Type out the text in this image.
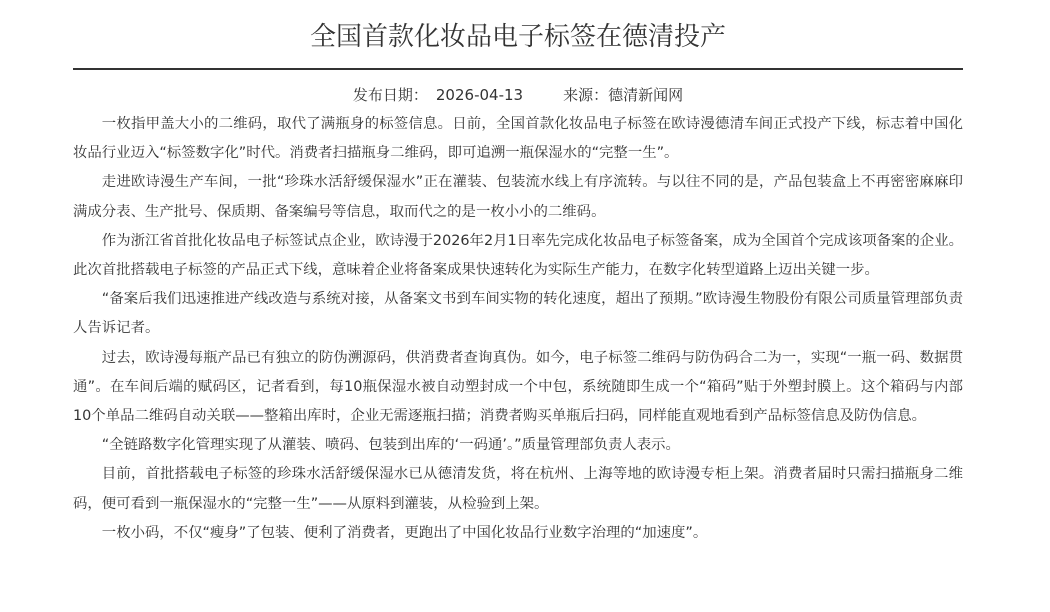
全国首款化妆品电子标签在德清投产
发布日期： 2026-04-13	来源：德清新闻网

一枚指甲盖大小的二维码，取代了满瓶身的标签信息。日前，全国首款化妆品电子标签在欧诗漫德清车间正式投产下线，标志着中国化妆品行业迈入“标签数字化”时代。消费者扫描瓶身二维码，即可追溯一瓶保湿水的“完整一生”。

走进欧诗漫生产车间，一批“珍珠水活舒缓保湿水”正在灌装、包装流水线上有序流转。与以往不同的是，产品包装盒上不再密密麻麻印满成分表、生产批号、保质期、备案编号等信息，取而代之的是一枚小小的二维码。

作为浙江省首批化妆品电子标签试点企业，欧诗漫于2026年2月1日率先完成化妆品电子标签备案，成为全国首个完成该项备案的企业。此次首批搭载电子标签的产品正式下线，意味着企业将备案成果快速转化为实际生产能力，在数字化转型道路上迈出关键一步。

“备案后我们迅速推进产线改造与系统对接，从备案文书到车间实物的转化速度，超出了预期。”欧诗漫生物股份有限公司质量管理部负责人告诉记者。

过去，欧诗漫每瓶产品已有独立的防伪溯源码，供消费者查询真伪。如今，电子标签二维码与防伪码合二为一，实现“一瓶一码、数据贯通”。在车间后端的赋码区，记者看到，每10瓶保湿水被自动塑封成一个中包，系统随即生成一个“箱码”贴于外塑封膜上。这个箱码与内部10个单品二维码自动关联——整箱出库时，企业无需逐瓶扫描；消费者购买单瓶后扫码，同样能直观地看到产品标签信息及防伪信息。

“全链路数字化管理实现了从灌装、喷码、包装到出库的‘一码通’。”质量管理部负责人表示。

目前，首批搭载电子标签的珍珠水活舒缓保湿水已从德清发货，将在杭州、上海等地的欧诗漫专柜上架。消费者届时只需扫描瓶身二维码，便可看到一瓶保湿水的“完整一生”——从原料到灌装，从检验到上架。

一枚小码，不仅“瘦身”了包装、便利了消费者，更跑出了中国化妆品行业数字治理的“加速度”。
